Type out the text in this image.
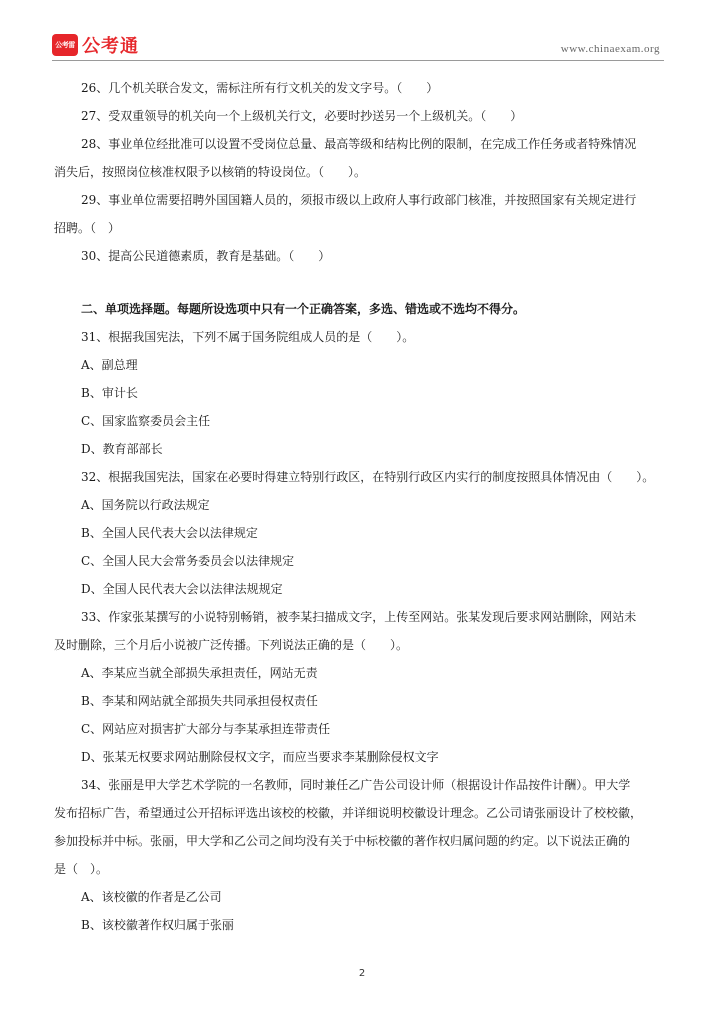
公考雷 公考通	www.chinaexam.org
26、几个机关联合发文，需标注所有行文机关的发文字号。（　　）
27、受双重领导的机关向一个上级机关行文，必要时抄送另一个上级机关。（　　）
28、事业单位经批准可以设置不受岗位总量、最高等级和结构比例的限制，在完成工作任务或者特殊情况
消失后，按照岗位核准权限予以核销的特设岗位。（　　）。
29、事业单位需要招聘外国国籍人员的，须报市级以上政府人事行政部门核准，并按照国家有关规定进行
招聘。（　）
30、提高公民道德素质，教育是基础。（　　）
二、单项选择题。每题所设选项中只有一个正确答案，多选、错选或不选均不得分。
31、根据我国宪法，下列不属于国务院组成人员的是（　　）。
A、副总理
B、审计长
C、国家监察委员会主任
D、教育部部长
32、根据我国宪法，国家在必要时得建立特别行政区，在特别行政区内实行的制度按照具体情况由（　　）。
A、国务院以行政法规定
B、全国人民代表大会以法律规定
C、全国人民大会常务委员会以法律规定
D、全国人民代表大会以法律法规规定
33、作家张某撰写的小说特别畅销，被李某扫描成文字，上传至网站。张某发现后要求网站删除，网站未
及时删除，三个月后小说被广泛传播。下列说法正确的是（　　）。
A、李某应当就全部损失承担责任，网站无责
B、李某和网站就全部损失共同承担侵权责任
C、网站应对损害扩大部分与李某承担连带责任
D、张某无权要求网站删除侵权文字，而应当要求李某删除侵权文字
34、张丽是甲大学艺术学院的一名教师，同时兼任乙广告公司设计师（根据设计作品按件计酬）。甲大学
发布招标广告，希望通过公开招标评选出该校的校徽，并详细说明校徽设计理念。乙公司请张丽设计了校校徽，
参加投标并中标。张丽，甲大学和乙公司之间均没有关于中标校徽的著作权归属问题的约定。以下说法正确的
是（　）。
A、该校徽的作者是乙公司
B、该校徽著作权归属于张丽
2
